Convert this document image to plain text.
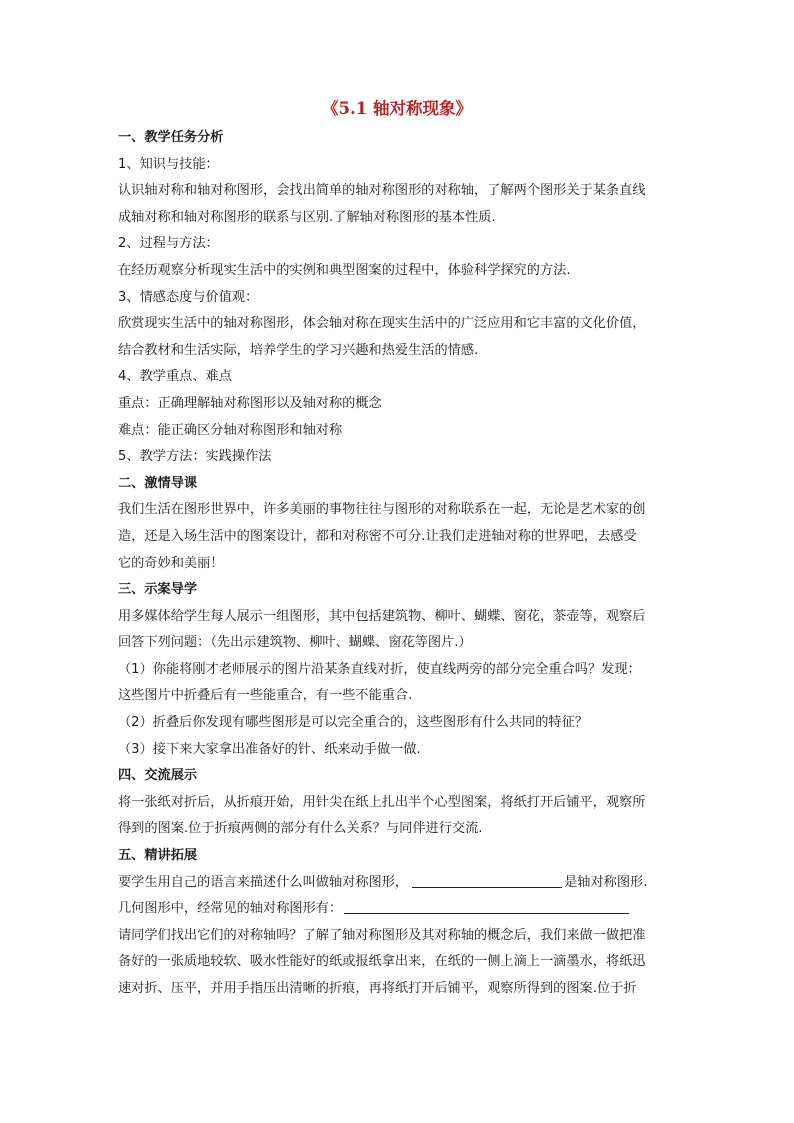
《5.1 轴对称现象》
一、教学任务分析
1、知识与技能：
认识轴对称和轴对称图形，会找出简单的轴对称图形的对称轴，了解两个图形关于某条直线
成轴对称和轴对称图形的联系与区别.了解轴对称图形的基本性质.
2、过程与方法：
在经历观察分析现实生活中的实例和典型图案的过程中，体验科学探究的方法.
3、情感态度与价值观：
欣赏现实生活中的轴对称图形，体会轴对称在现实生活中的广泛应用和它丰富的文化价值，
结合教材和生活实际，培养学生的学习兴趣和热爱生活的情感.
4、教学重点、难点
重点：正确理解轴对称图形以及轴对称的概念
难点：能正确区分轴对称图形和轴对称
5、教学方法：实践操作法
二、激情导课
我们生活在图形世界中，许多美丽的事物往往与图形的对称联系在一起，无论是艺术家的创
造，还是入场生活中的图案设计，都和对称密不可分.让我们走进轴对称的世界吧，去感受
它的奇妙和美丽！
三、示案导学
用多媒体给学生每人展示一组图形，其中包括建筑物、柳叶、蝴蝶、窗花，茶壶等，观察后
回答下列问题：（先出示建筑物、柳叶、蝴蝶、窗花等图片.）
（1）你能将刚才老师展示的图片沿某条直线对折，使直线两旁的部分完全重合吗？发现：
这些图片中折叠后有一些能重合，有一些不能重合.
（2）折叠后你发现有哪些图形是可以完全重合的，这些图形有什么共同的特征？
（3）接下来大家拿出准备好的针、纸来动手做一做.
四、交流展示
将一张纸对折后，从折痕开始，用针尖在纸上扎出半个心型图案，将纸打开后铺平，观察所
得到的图案.位于折痕两侧的部分有什么关系？与同伴进行交流.
五、精讲拓展
要学生用自己的语言来描述什么叫做轴对称图形，	是轴对称图形.
几何图形中，经常见的轴对称图形有：
请同学们找出它们的对称轴吗？了解了轴对称图形及其对称轴的概念后，我们来做一做把准
备好的一张质地较软、吸水性能好的纸或报纸拿出来，在纸的一侧上滴上一滴墨水，将纸迅
速对折、压平，并用手指压出清晰的折痕，再将纸打开后铺平，观察所得到的图案.位于折
